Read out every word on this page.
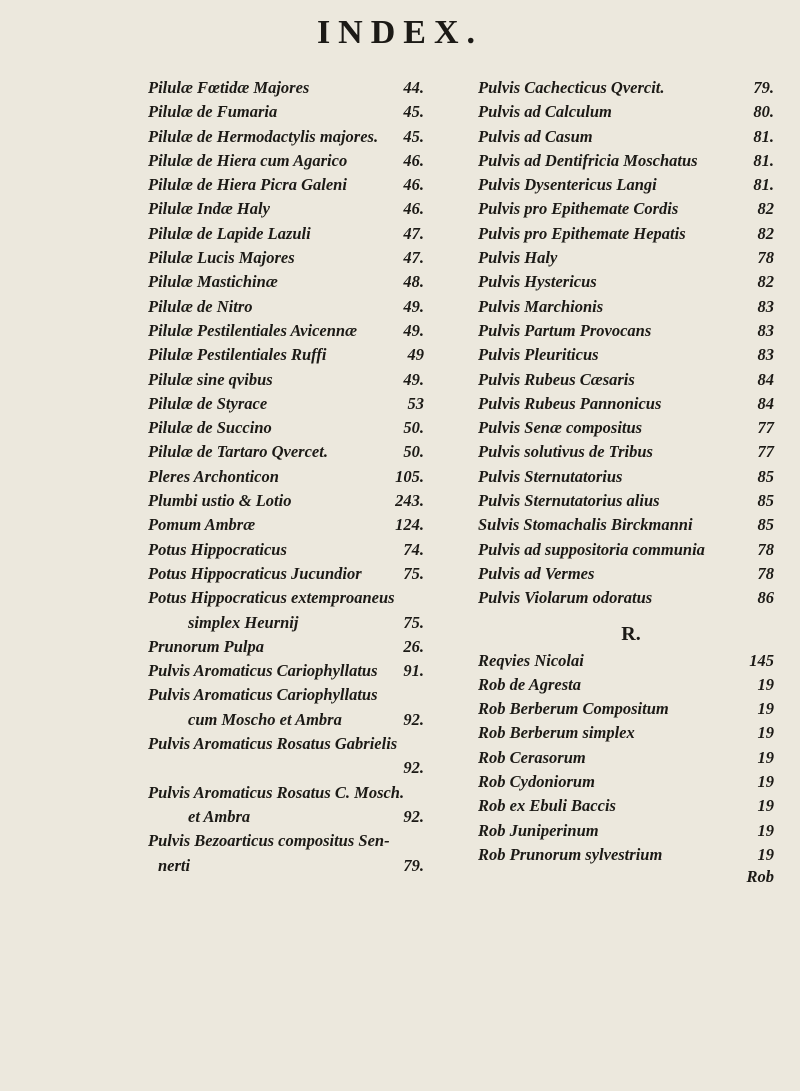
INDEX.
Pilulæ Fœtidæ Majores	44.
Pilulæ de Fumaria	45.
Pilulæ de Hermodactylis majores. 45.
Pilulæ de Hiera cum Agarico	46.
Pilulæ de Hiera Picra Galeni	46.
Pilulæ Indæ Haly	46.
Pilulæ de Lapide Lazuli	47.
Pilulæ Lucis Majores	47.
Pilulæ Mastichinæ	48.
Pilulæ de Nitro	49.
Pilulæ Pestilentiales Avicennæ	49.
Pilulæ Pestilentiales Ruffi	49
Pilulæ sine qvibus	49.
Pilulæ de Styrace	53
Pilulæ de Succino	50.
Pilulæ de Tartaro Qvercet.	50.
Pleres Archonticon	105.
Plumbi ustio & Lotio	243.
Pomum Ambræ	124.
Potus Hippocraticus	74.
Potus Hippocraticus Jucundior	75.
Potus Hippocraticus extemproaneus
simplex Heurnij	75.
Prunorum Pulpa	26.
Pulvis Aromaticus Cariophyllatus 91.
Pulvis Aromaticus Cariophyllatus
cum Moscho et Ambra	92.
Pulvis Aromaticus Rosatus Gabrielis
92.
Pulvis Aromaticus Rosatus C. Mosch.
et Ambra	92.
Pulvis Bezoarticus compositus Sen-
nerti	79.
Pulvis Cachecticus Qvercit.	79.
Pulvis ad Calculum	80.
Pulvis ad Casum	81.
Pulvis ad Dentifricia Moschatus	81.
Pulvis Dysentericus Langi	81.
Pulvis pro Epithemate Cordis	82
Pulvis pro Epithemate Hepatis	82
Pulvis Haly	78
Pulvis Hystericus	82
Pulvis Marchionis	83
Pulvis Partum Provocans	83
Pulvis Pleuriticus	83
Pulvis Rubeus Cæsaris	84
Pulvis Rubeus Pannonicus	84
Pulvis Senæ compositus	77
Pulvis solutivus de Tribus	77
Pulvis Sternutatorius	85
Pulvis Sternutatorius alius	85
Sulvis Stomachalis Birckmanni	85
Pulvis ad suppositoria communia	78
Pulvis ad Vermes	78
Pulvis Violarum odoratus	86
R.
Reqvies Nicolai	145
Rob de Agresta	19
Rob Berberum Compositum	19
Rob Berberum simplex	19
Rob Cerasorum	19
Rob Cydoniorum	19
Rob ex Ebuli Baccis	19
Rob Juniperinum	19
Rob Prunorum sylvestrium	19
Rob
